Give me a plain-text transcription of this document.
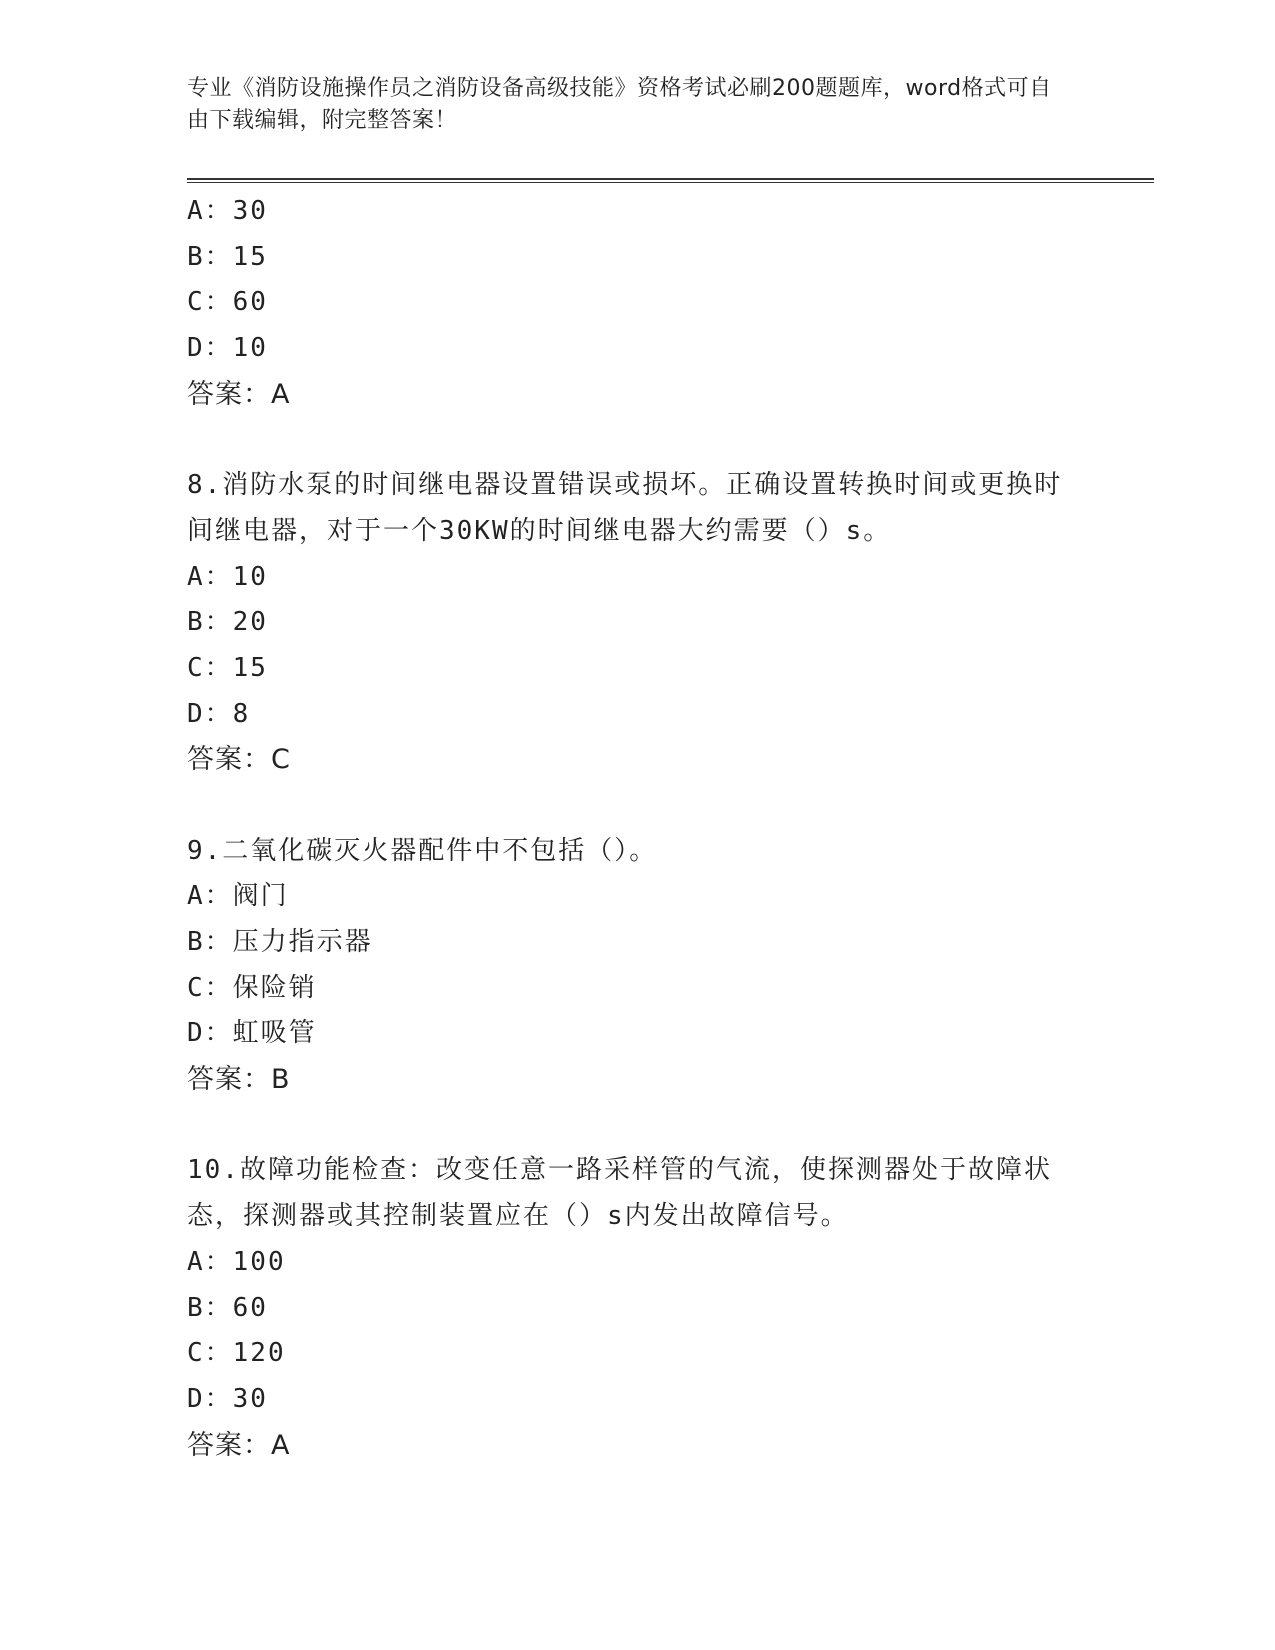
专业《消防设施操作员之消防设备高级技能》资格考试必刷200题题库，word格式可自由下载编辑，附完整答案！
A：30
B：15
C：60
D：10
答案：A
8.消防水泵的时间继电器设置错误或损坏。正确设置转换时间或更换时间继电器，对于一个30KW的时间继电器大约需要（）s。
A：10
B：20
C：15
D：8
答案：C
9.二氧化碳灭火器配件中不包括（）。
A：阀门
B：压力指示器
C：保险销
D：虹吸管
答案：B
10.故障功能检查：改变任意一路采样管的气流，使探测器处于故障状态，探测器或其控制装置应在（）s内发出故障信号。
A：100
B：60
C：120
D：30
答案：A
